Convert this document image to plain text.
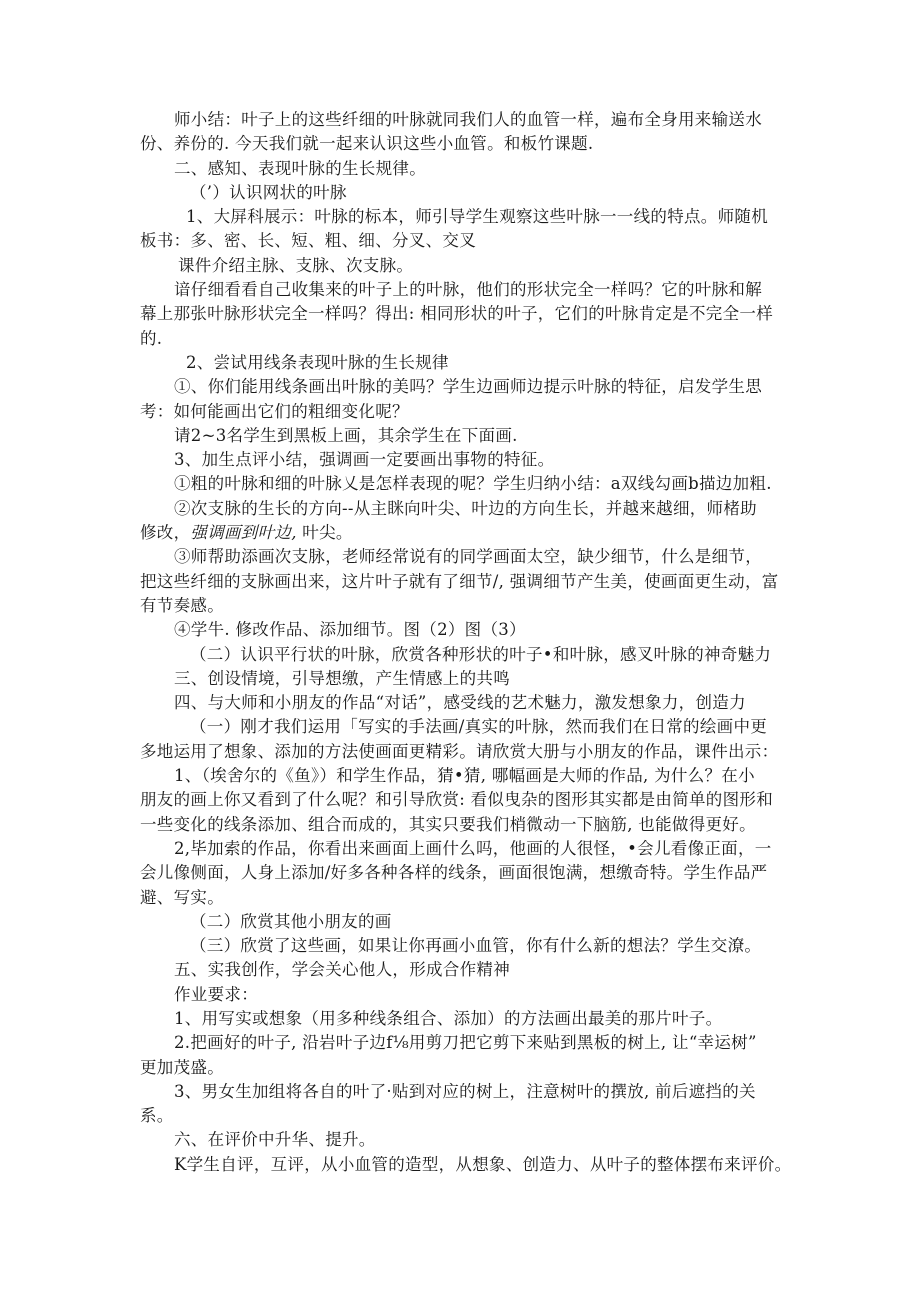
师小结：叶子上的这些纤细的叶脉就同我们人的血管一样，遍布全身用来输送水
份、养份的. 今天我们就一起来认识这些小血管。和板竹课题.
二、感知、表现叶脉的生长规律。
（’）认识网状的叶脉
1、大屏科展示：叶脉的标本，师引导学生观察这些叶脉一一线的特点。师随机
板书：多、密、长、短、粗、细、分叉、交叉
课件介绍主脉、支脉、次支脉。
谙仔细看看自己收集来的叶子上的叶脉，他们的形状完全一样吗？它的叶脉和解
幕上那张叶脉形状完全一样吗？得出: 相同形状的叶子，它们的叶脉肯定是不完全一样
的.
2、尝试用线条表现叶脉的生长规律
①、你们能用线条画出叶脉的美吗？学生边画师边提示叶脉的特征，启发学生思
考：如何能画出它们的粗细变化呢？
请2~3名学生到黑板上画，其余学生在下面画.
3、加生点评小结，强调画一定要画出事物的特征。
①粗的叶脉和细的叶脉乂是怎样表现的呢？学生归纳小结：a双线勾画b描边加粗.
②次支脉的生长的方向--从主眯向叶尖、叶边的方向生长，并越来越细，师楮助
修改，强调画到叶边, 叶尖。
③师帮助添画次支脉，老师经常说有的同学画面太空，缺少细节，什么是细节，
把这些纤细的支脉画出来，这片叶子就有了细节/, 强调细节产生美，使画面更生动，富
有节奏感。
④学牛. 修改作品、添加细节。图（2）图（3）
（二）认识平行状的叶脉，欣赏各种形状的叶子•和叶脉，感叉叶脉的神奇魅力
三、创设情境，引导想缴，产生情感上的共鸣
四、与大师和小朋友的作品“对话”，感受线的艺术魅力，激发想象力，创造力
（一）刚才我们运用「写实的手法画/真实的叶脉，然而我们在日常的绘画中更
多地运用了想象、添加的方法使画面更精彩。请欣赏大册与小朋友的作品，课件出示：
1、（埃舍尔的《鱼》）和学生作品，猜•猜, 哪幅画是大师的作品, 为什么？在小
朋友的画上你又看到了什么呢？和引导欣赏: 看似曳杂的图形其实都是由简单的图形和
一些变化的线条添加、组合而成的，其实只要我们梢微动一下脑筋, 也能做得更好。
2,毕加索的作品，你看出来画面上画什么吗，他画的人很怪，•会儿看像正面，一
会儿像侧面，人身上添加/好多各种各样的线条，画面很饱满，想缴奇特。学生作品严
避、写实。
（二）欣赏其他小朋友的画
（三）欣赏了这些画，如果让你再画小血管，你有什么新的想法？学生交潦。
五、实我创作，学会关心他人，形成合作精神
作业要求：
1、用写实或想象（用多种线条组合、添加）的方法画出最美的那片叶子。
2.把画好的叶子, 沿岩叶子边f⅛用剪刀把它剪下来贴到黑板的树上, 让“幸运树”
更加茂盛。
3、男女生加组将各自的叶了·贴到对应的树上，注意树叶的撰放, 前后遮挡的关
系。
六、在评价中升华、提升。
K学生自评，互评，从小血管的造型，从想象、创造力、从叶子的整体摆布来评价。
